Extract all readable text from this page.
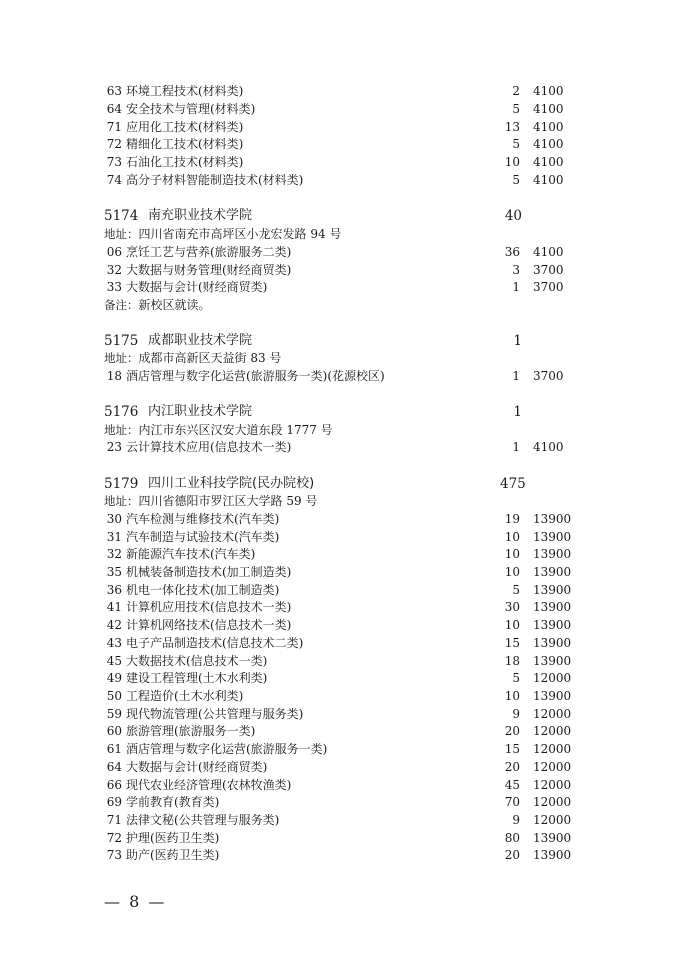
63 环境工程技术(材料类)	2 4100
64 安全技术与管理(材料类)	5 4100
71 应用化工技术(材料类)	13 4100
72 精细化工技术(材料类)	5 4100
73 石油化工技术(材料类)	10 4100
74 高分子材料智能制造技术(材料类)	5 4100
5174 南充职业技术学院	40
地址：四川省南充市高坪区小龙宏发路 94 号
06 烹饪工艺与营养(旅游服务二类)	36 4100
32 大数据与财务管理(财经商贸类)	3 3700
33 大数据与会计(财经商贸类)	1 3700
备注：新校区就读。
5175 成都职业技术学院	1
地址：成都市高新区天益街 83 号
18 酒店管理与数字化运营(旅游服务一类)(花源校区)	1 3700
5176 内江职业技术学院	1
地址：内江市东兴区汉安大道东段 1777 号
23 云计算技术应用(信息技术一类)	1 4100
5179 四川工业科技学院(民办院校)	475
地址：四川省德阳市罗江区大学路 59 号
30 汽车检测与维修技术(汽车类)	19 13900
31 汽车制造与试验技术(汽车类)	10 13900
32 新能源汽车技术(汽车类)	10 13900
35 机械装备制造技术(加工制造类)	10 13900
36 机电一体化技术(加工制造类)	5 13900
41 计算机应用技术(信息技术一类)	30 13900
42 计算机网络技术(信息技术一类)	10 13900
43 电子产品制造技术(信息技术二类)	15 13900
45 大数据技术(信息技术一类)	18 13900
49 建设工程管理(土木水利类)	5 12000
50 工程造价(土木水利类)	10 13900
59 现代物流管理(公共管理与服务类)	9 12000
60 旅游管理(旅游服务一类)	20 12000
61 酒店管理与数字化运营(旅游服务一类)	15 12000
64 大数据与会计(财经商贸类)	20 12000
66 现代农业经济管理(农林牧渔类)	45 12000
69 学前教育(教育类)	70 12000
71 法律文秘(公共管理与服务类)	9 12000
72 护理(医药卫生类)	80 13900
73 助产(医药卫生类)	20 13900
— 8 —
